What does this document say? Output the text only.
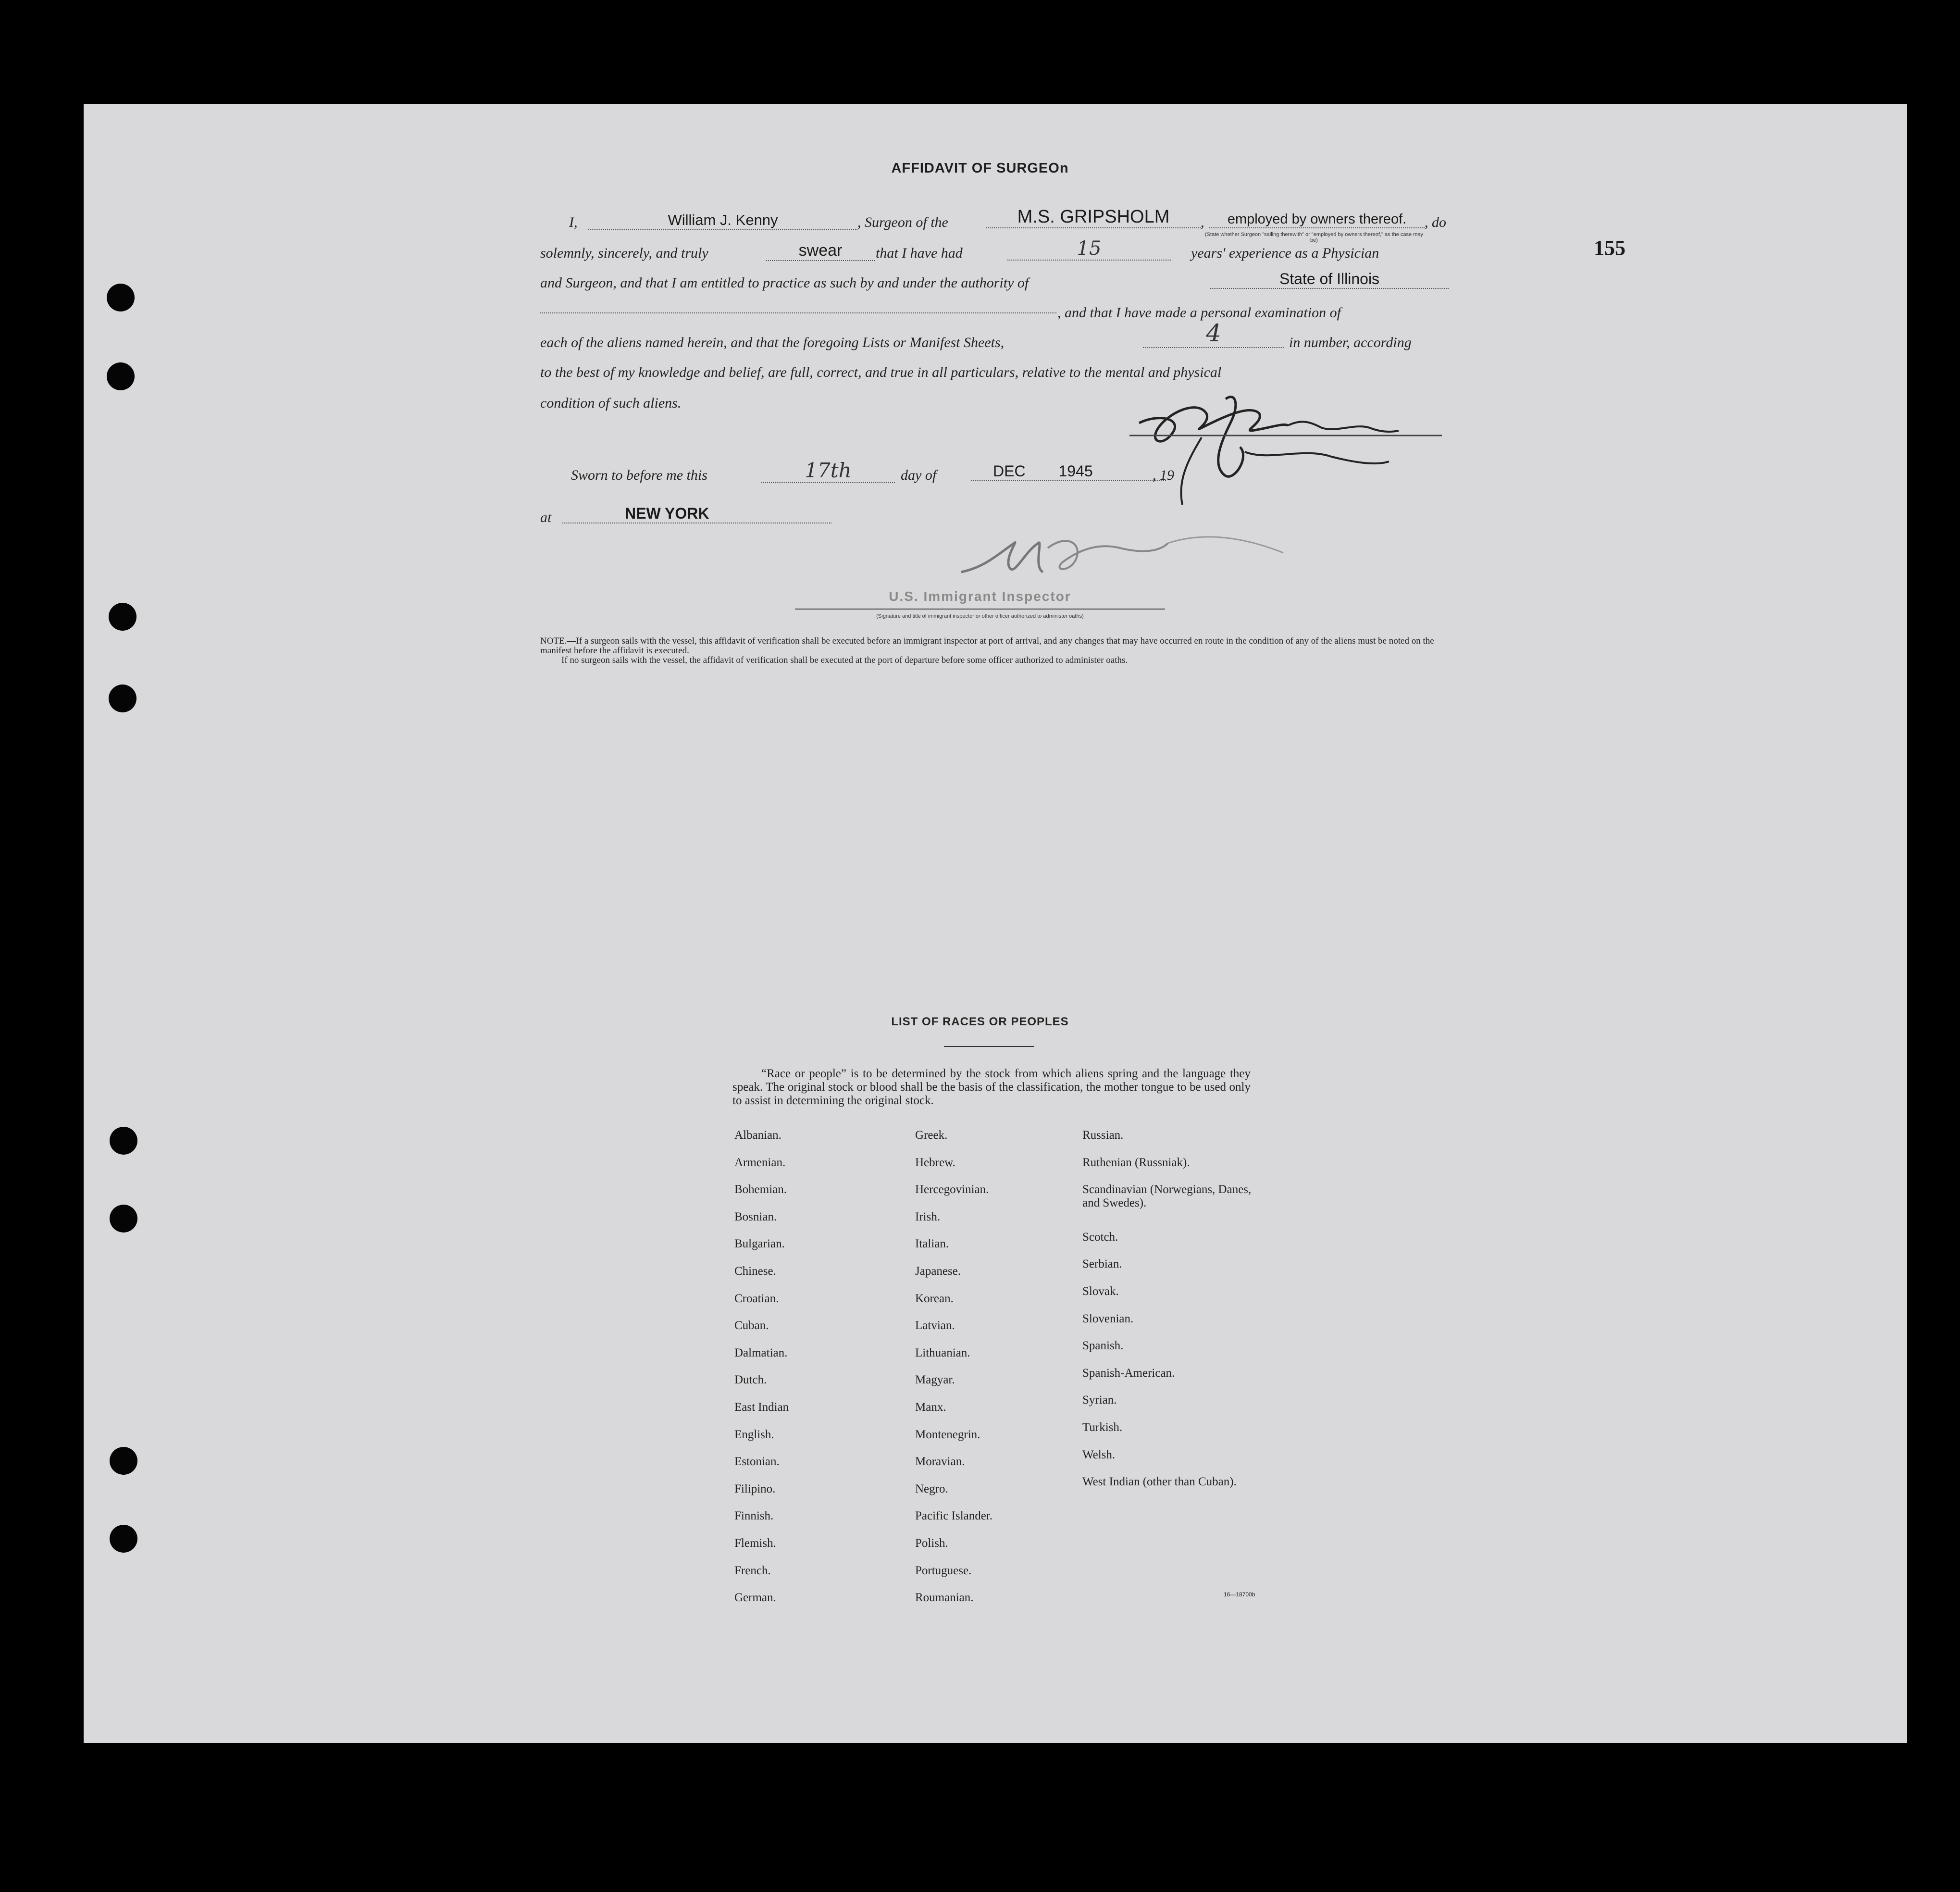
155
AFFIDAVIT OF SURGEOn
I,	William J. Kenny	, Surgeon of the	M.S. GRIPSHOLM	,	employed by owners thereof.	, do
(State whether Surgeon "sailing therewith" or "employed by owners thereof," as the case may be)
solemnly, sincerely, and truly	swear	that I have had	15	years' experience as a Physician
and Surgeon, and that I am entitled to practice as such by and under the authority of	State of Illinois
, and that I have made a personal examination of
each of the aliens named herein, and that the foregoing Lists or Manifest Sheets,	4	in number, according
to the best of my knowledge and belief, are full, correct, and true in all particulars, relative to the mental and physical
condition of such aliens.
Sworn to before me this	17th	day of	DEC 1945	, 19
at	NEW YORK
U.S. Immigrant Inspector
(Signature and title of immigrant inspector or other officer authorized to administer oaths)

NOTE.—If a surgeon sails with the vessel, this affidavit of verification shall be executed before an immigrant inspector at port of arrival, and any changes that may have occurred en route in the condition of any of the aliens must be noted on the manifest before the affidavit is executed.

If no surgeon sails with the vessel, the affidavit of verification shall be executed at the port of departure before some officer authorized to administer oaths.

LIST OF RACES OR PEOPLES

“Race or people” is to be determined by the stock from which aliens spring and the language they speak. The original stock or blood shall be the basis of the classification, the mother tongue to be used only to assist in determining the original stock.

Albanian.
Armenian.
Bohemian.
Bosnian.
Bulgarian.
Chinese.
Croatian.
Cuban.
Dalmatian.
Dutch.
East Indian
English.
Estonian.
Filipino.
Finnish.
Flemish.
French.
German.
Greek.
Hebrew.
Hercegovinian.
Irish.
Italian.
Japanese.
Korean.
Latvian.
Lithuanian.
Magyar.
Manx.
Montenegrin.
Moravian.
Negro.
Pacific Islander.
Polish.
Portuguese.
Roumanian.
Russian.
Ruthenian (Russniak).
Scandinavian (Norwegians, Danes, and Swedes).
Scotch.
Serbian.
Slovak.
Slovenian.
Spanish.
Spanish-American.
Syrian.
Turkish.
Welsh.
West Indian (other than Cuban).
16—18700b
